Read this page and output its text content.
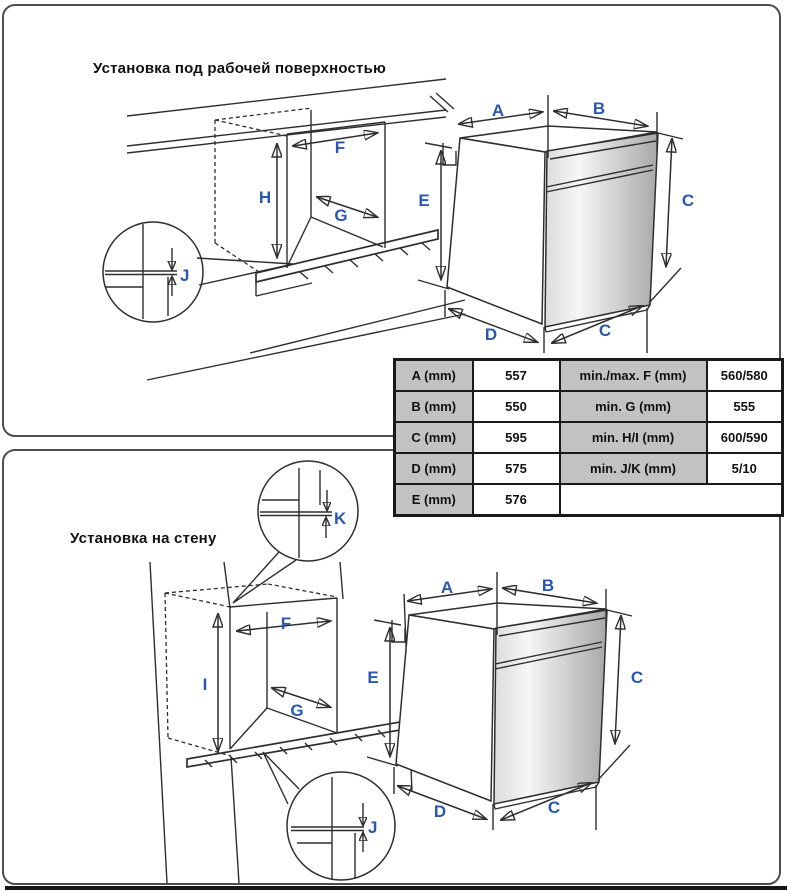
Установка под рабочей поверхностью
Установка на стену
J
F
H
G
A	B
E	C
D	C
K
J
F
I
G
A	B
E	C
D	C
A (mm)	557	min./max. F (mm)	560/580
B (mm)	550	min. G (mm)	555
C (mm)	595	min. H/I (mm)	600/590
D (mm)	575	min. J/K (mm)	5/10
E (mm)	576		
